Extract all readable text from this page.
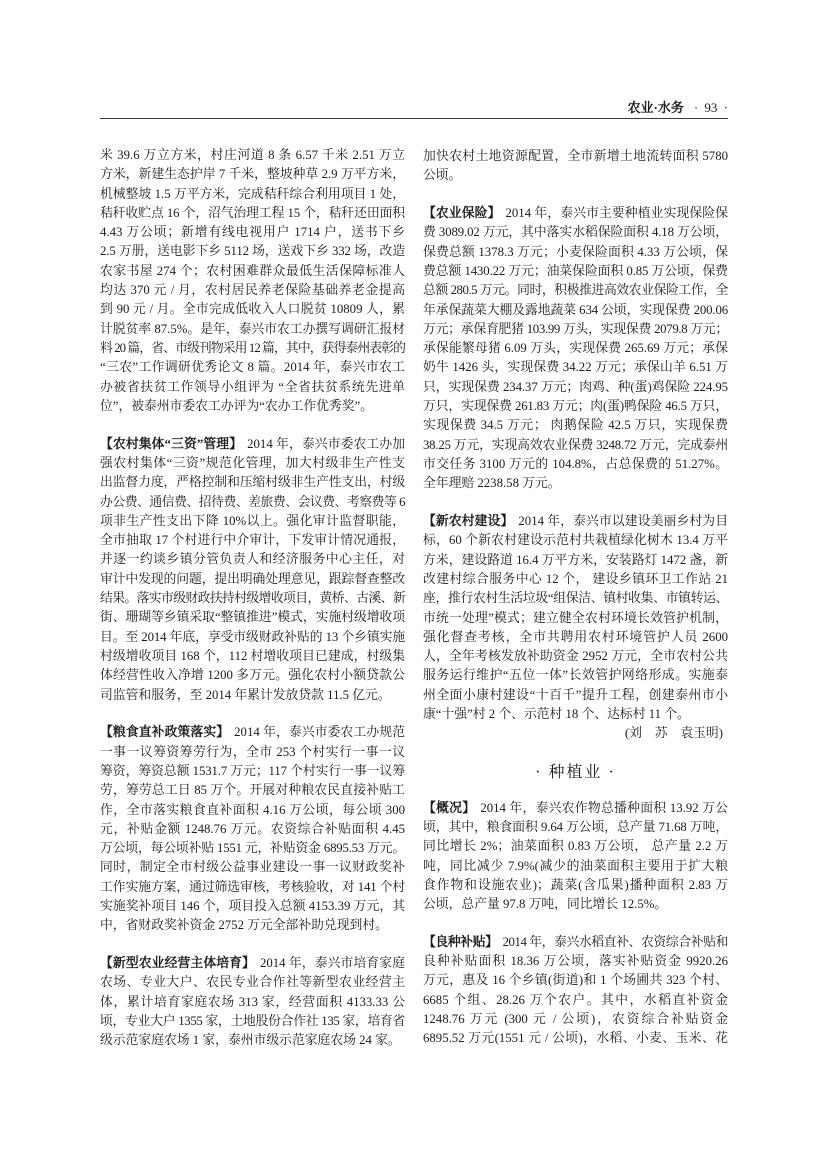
农业·水务 · 93 ·
米 39.6 万立方米，村庄河道 8 条 6.57 千米 2.51 万立
方米，新建生态护岸 7 千米，整坡种草 2.9 万平方米，
机械整坡 1.5 万平方米，完成秸秆综合利用项目 1 处，
秸秆收贮点 16 个，沼气治理工程 15 个，秸秆还田面积
4.43 万公顷；新增有线电视用户 1714 户，送书下乡
2.5 万册，送电影下乡 5112 场，送戏下乡 332 场，改造
农家书屋 274 个；农村困难群众最低生活保障标准人
均达 370 元 / 月，农村居民养老保险基础养老金提高
到 90 元 / 月。全市完成低收入人口脱贫 10809 人，累
计脱贫率 87.5%。是年，泰兴市农工办撰写调研汇报材
料 20 篇，省、市级刊物采用 12 篇，其中，获得泰州表彰的
“三农”工作调研优秀论文 8 篇。2014 年，泰兴市农工
办被省扶贫工作领导小组评为 “全省扶贫系统先进单
位”，被泰州市委农工办评为“农办工作优秀奖”。
【农村集体“三资”管理】 2014 年，泰兴市委农工办加
强农村集体“三资”规范化管理，加大村级非生产性支
出监督力度，严格控制和压缩村级非生产性支出，村级
办公费、通信费、招待费、差旅费、会议费、考察费等 6
项非生产性支出下降 10%以上。强化审计监督职能，
全市抽取 17 个村进行中介审计，下发审计情况通报，
并逐一约谈乡镇分管负责人和经济服务中心主任，对
审计中发现的问题，提出明确处理意见，跟踪督查整改
结果。落实市级财政扶持村级增收项目，黄桥、古溪、新
街、珊瑚等乡镇采取“整镇推进”模式，实施村级增收项
目。至 2014 年底，享受市级财政补贴的 13 个乡镇实施
村级增收项目 168 个，112 村增收项目已建成，村级集
体经营性收入净增 1200 多万元。强化农村小额贷款公
司监管和服务，至 2014 年累计发放贷款 11.5 亿元。
【粮食直补政策落实】 2014 年，泰兴市委农工办规范
一事一议筹资筹劳行为，全市 253 个村实行一事一议
筹资，筹资总额 1531.7 万元；117 个村实行一事一议筹
劳，筹劳总工日 85 万个。开展对种粮农民直接补贴工
作，全市落实粮食直补面积 4.16 万公顷，每公顷 300
元，补贴金额 1248.76 万元。农资综合补贴面积 4.45
万公顷，每公顷补贴 1551 元，补贴资金 6895.53 万元。
同时，制定全市村级公益事业建设一事一议财政奖补
工作实施方案，通过筛选审核，考核验收，对 141 个村
实施奖补项目 146 个，项目投入总额 4153.39 万元，其
中，省财政奖补资金 2752 万元全部补助兑现到村。
【新型农业经营主体培育】 2014 年，泰兴市培育家庭
农场、专业大户、农民专业合作社等新型农业经营主
体，累计培育家庭农场 313 家，经营面积 4133.33 公
顷，专业大户 1355 家，土地股份合作社 135 家，培育省
级示范家庭农场 1 家，泰州市级示范家庭农场 24 家。
加快农村土地资源配置，全市新增土地流转面积 5780
公顷。
【农业保险】 2014 年，泰兴市主要种植业实现保险保
费 3089.02 万元，其中落实水稻保险面积 4.18 万公顷，
保费总额 1378.3 万元；小麦保险面积 4.33 万公顷，保
费总额 1430.22 万元；油菜保险面积 0.85 万公顷，保费
总额 280.5 万元。同时，积极推进高效农业保险工作，全
年承保蔬菜大棚及露地蔬菜 634 公顷，实现保费 200.06
万元；承保育肥猪 103.99 万头，实现保费 2079.8 万元；
承保能繁母猪 6.09 万头，实现保费 265.69 万元；承保
奶牛 1426 头，实现保费 34.22 万元；承保山羊 6.51 万
只，实现保费 234.37 万元；肉鸡、种(蛋)鸡保险 224.95
万只，实现保费 261.83 万元；肉(蛋)鸭保险 46.5 万只，
实现保费 34.5 万元； 肉鹅保险 42.5 万只，实现保费
38.25 万元，实现高效农业保费 3248.72 万元，完成泰州
市交任务 3100 万元的 104.8%，占总保费的 51.27%。
全年理赔 2238.58 万元。
【新农村建设】 2014 年，泰兴市以建设美丽乡村为目
标，60 个新农村建设示范村共栽植绿化树木 13.4 万平
方米，建设路道 16.4 万平方米，安装路灯 1472 盏，新
改建村综合服务中心 12 个， 建设乡镇环卫工作站 21
座，推行农村生活垃圾“组保洁、镇村收集、市镇转运、
市统一处理”模式；建立健全农村环境长效管护机制，
强化督查考核，全市共聘用农村环境管护人员 2600
人，全年考核发放补助资金 2952 万元，全市农村公共
服务运行维护“五位一体”长效管护网络形成。实施泰
州全面小康村建设“十百千”提升工程，创建泰州市小
康“十强”村 2 个、示范村 18 个、达标村 11 个。
(刘　苏　袁玉明)
· 种植业 ·
【概况】 2014 年，泰兴农作物总播种面积 13.92 万公
顷，其中，粮食面积 9.64 万公顷，总产量 71.68 万吨，
同比增长 2%；油菜面积 0.83 万公顷， 总产量 2.2 万
吨，同比减少 7.9%(减少的油菜面积主要用于扩大粮
食作物和设施农业)；蔬菜(含瓜果)播种面积 2.83 万
公顷，总产量 97.8 万吨，同比增长 12.5%。
【良种补贴】 2014 年，泰兴水稻直补、农资综合补贴和
良种补贴面积 18.36 万公顷，落实补贴资金 9920.26
万元，惠及 16 个乡镇(街道)和 1 个场圃共 323 个村、
6685 个组、28.26 万个农户。其中，水稻直补资金
1248.76 万元 (300 元 / 公顷)，农资综合补贴资金
6895.52 万元(1551 元 / 公顷)，水稻、小麦、玉米、花
